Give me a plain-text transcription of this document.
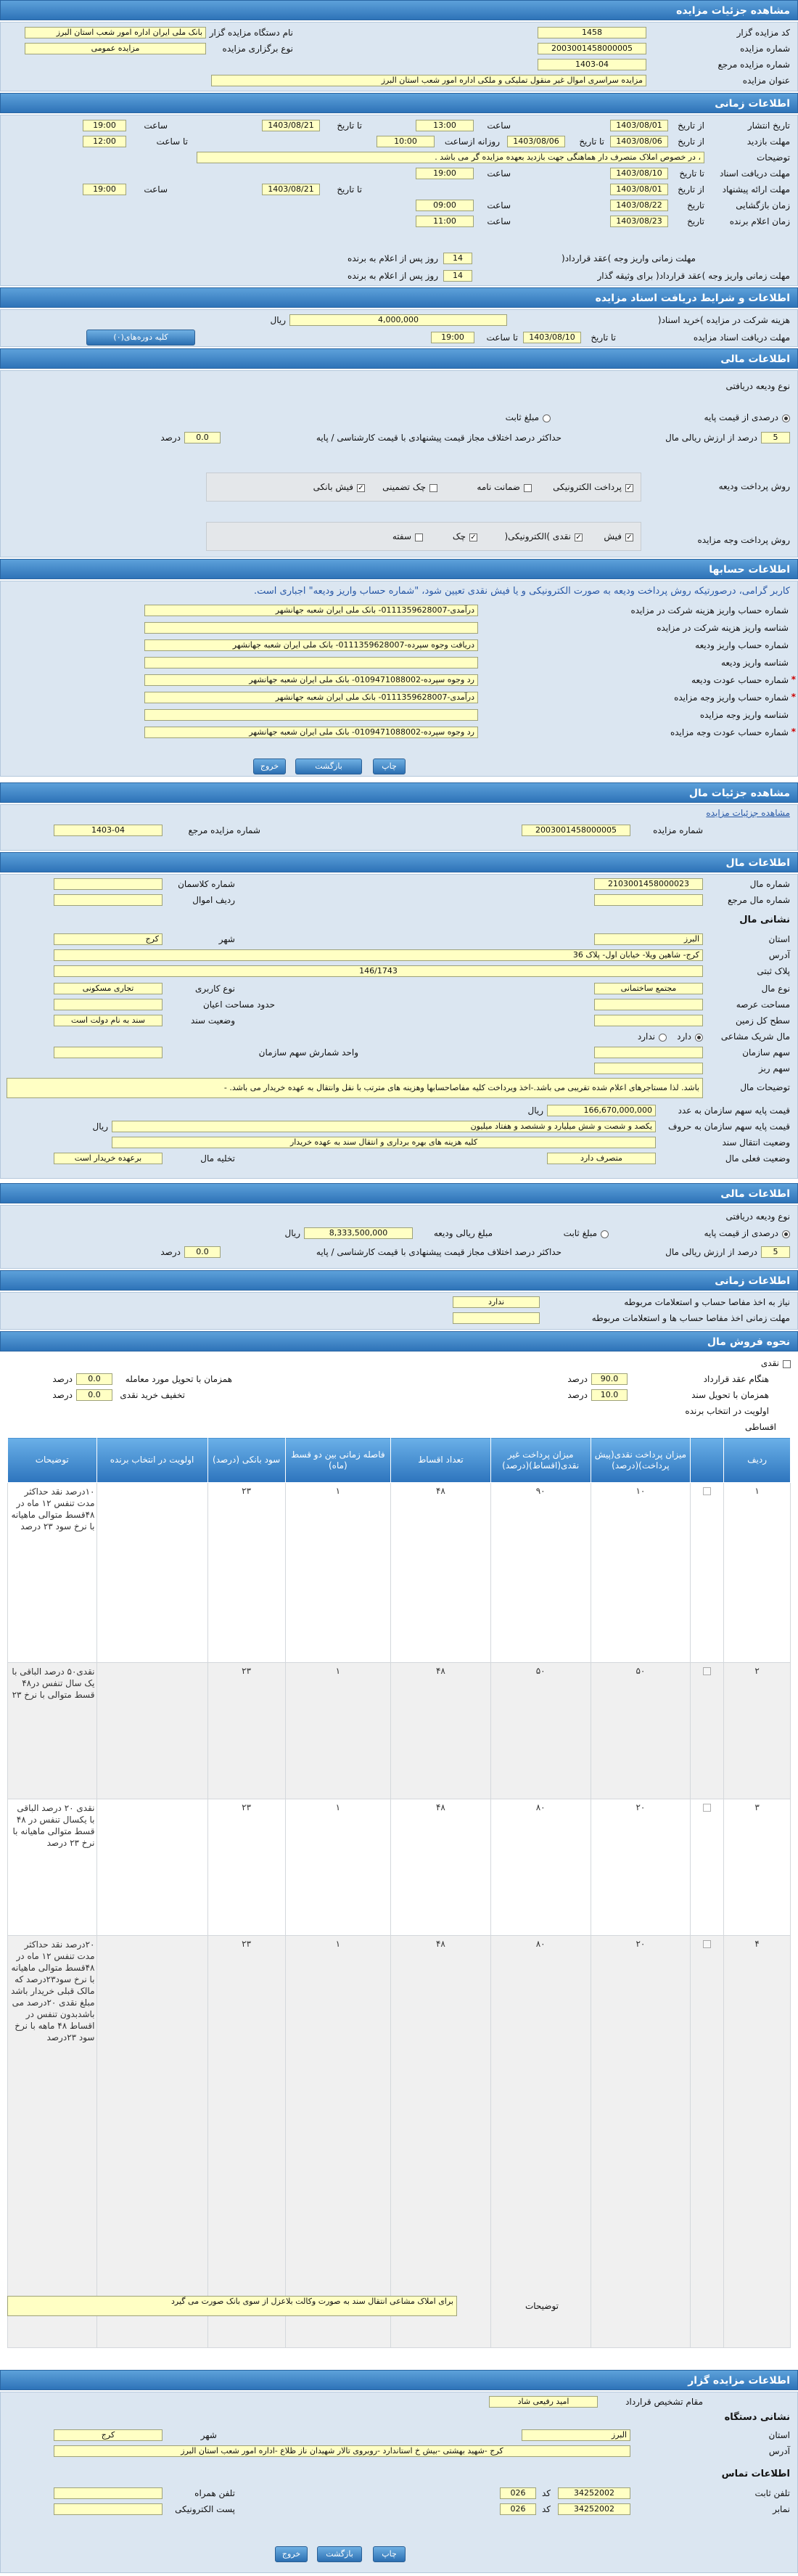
مشاهده جزئیات مزایده
کد مزایده گزار
1458
نام دستگاه مزایده گزار
بانک ملی ایران اداره امور شعب استان البرز
شماره مزایده
2003001458000005
نوع برگزاری مزایده
مزایده عمومی
شماره مزایده مرجع
1403-04
عنوان مزایده
مزایده سراسری اموال غیر منقول تملیکی و ملکی اداره امور شعب استان البرز
اطلاعات زمانی
تاریخ انتشار
از تاریخ
1403/08/01
ساعت
13:00
تا تاریخ
1403/08/21
ساعت
19:00
مهلت بازدید
از تاریخ
1403/08/06
تا تاریخ
1403/08/06
روزانه ازساعت
10:00
تا ساعت
12:00
توضیحات
، در خصوص املاک متصرف دار هماهنگی جهت بازدید بعهده مزایده گر می باشد .
مهلت دریافت اسناد
تا تاریخ
1403/08/10
ساعت
19:00
مهلت ارائه پیشنهاد
از تاریخ
1403/08/01
تا تاریخ
1403/08/21
ساعت
19:00
زمان بازگشایی
تاریخ
1403/08/22
ساعت
09:00
زمان اعلام برنده
تاریخ
1403/08/23
ساعت
11:00
مهلت زمانی واریز وجه )عقد قرارداد(
14
روز پس از اعلام به برنده
مهلت زمانی واریز وجه )عقد قرارداد( برای وثیقه گذار
14
روز پس از اعلام به برنده
اطلاعات و شرایط دریافت اسناد مزایده
هزینه شرکت در مزایده )خرید اسناد(
4,000,000
ریال
مهلت دریافت اسناد مزایده
تا تاریخ
1403/08/10
تا ساعت
19:00
کلیه دوره‌های(۰)
اطلاعات مالی
نوع ودیعه دریافتی
درصدی از قیمت پایه
مبلغ ثابت
5
درصد از ارزش ریالی مال
حداکثر درصد اختلاف مجاز قیمت پیشنهادی با قیمت کارشناسی / پایه
0.0
درصد
روش پرداخت ودیعه
✓
پرداخت الکترونیکی
ضمانت نامه
چک تضمینی
✓
فیش بانکی
روش پرداخت وجه مزایده
✓
فیش
✓
نقدی )الکترونیکی(
✓
چک
سفته
اطلاعات حسابها
کاربر گرامی، درصورتیکه روش پرداخت ودیعه به صورت الکترونیکی و یا فیش نقدی تعیین شود، "شماره حساب واریز ودیعه" اجباری است.
شماره حساب واریز هزینه شرکت در مزایده
درآمدی-0111359628007- بانک ملی ایران شعبه جهانشهر
شناسه واریز هزینه شرکت در مزایده
شماره حساب واریز ودیعه
دریافت وجوه سپرده-0111359628007- بانک ملی ایران شعبه جهانشهر
شناسه واریز ودیعه
*
شماره حساب عودت ودیعه
رد وجوه سپرده-0109471088002- بانک ملی ایران شعبه جهانشهر
*
شماره حساب واریز وجه مزایده
درآمدی-0111359628007- بانک ملی ایران شعبه جهانشهر
شناسه واریز وجه مزایده
*
شماره حساب عودت وجه مزایده
رد وجوه سپرده-0109471088002- بانک ملی ایران شعبه جهانشهر
چاپ
بازگشت
خروج
مشاهده جزئیات مال
مشاهده جزئیات مزایده
شماره مزایده
2003001458000005
شماره مزایده مرجع
1403-04
اطلاعات مال
شماره مال
2103001458000023
شماره کلاسمان
شماره مال مرجع
ردیف اموال
نشانی مال
استان
البرز
شهر
کرج
آدرس
کرج- شاهین ویلا- خیابان اول- پلاک 36
پلاک ثبتی
146/1743
نوع مال
مجتمع ساختمانی
نوع کاربری
تجاری مسکونی
مساحت عرصه
حدود مساحت اعیان
سطح کل زمین
وضعیت سند
سند به نام دولت است
مال شریک مشاعی
دارد
ندارد
سهم سازمان
واحد شمارش سهم سازمان
سهم ربز
توضیحات مال
باشد. لذا مستاجرهای اعلام شده تقریبی می باشد.-اخذ ویرداخت کلیه مفاصاحسابها وهزینه های مترتب با نقل وانتقال به عهده خریدار می باشد. -
قیمت پایه سهم سازمان به عدد
166,670,000,000
ریال
قیمت پایه سهم سازمان به حروف
یکصد و شصت و شش میلیارد و ششصد و هفتاد میلیون
ریال
وضعیت انتقال سند
کلیه هزینه های بهره برداری و انتقال سند به عهده خریدار
وضعیت فعلی مال
متصرف دارد
تخلیه مال
برعهده خریدار است
اطلاعات مالی
نوع ودیعه دریافتی
درصدی از قیمت پایه
مبلغ ثابت
مبلغ ریالی ودیعه
8,333,500,000
ریال
5
درصد از ارزش ریالی مال
حداکثر درصد اختلاف مجاز قیمت پیشنهادی با قیمت کارشناسی / پایه
0.0
درصد
اطلاعات زمانی
نیاز به اخذ مفاصا حساب و استعلامات مربوطه
ندارد
مهلت زمانی اخذ مفاصا حساب ها و استعلامات مربوطه
نحوه فروش مال
نقدی
هنگام عقد قرارداد
90.0
درصد
همزمان با تحویل سند
10.0
درصد
اولویت در انتخاب برنده
همزمان با تحویل مورد معامله
0.0
درصد
تخفیف خرید نقدی
0.0
درصد
اقساطی
ردیف		میزان پرداخت نقدی(پیش پرداخت)(درصد)	میزان پرداخت غیر نقدی(اقساط)(درصد)	تعداد اقساط	فاصله زمانی بین دو قسط (ماه)	سود بانکی (درصد)	اولویت در انتخاب برنده	توضیحات
۱		۱۰	۹۰	۴۸	۱	۲۳		۱۰درصد نقد حداکثر مدت تنفس ۱۲ ماه در ۴۸قسط متوالی ماهیانه با نرخ سود ۲۳ درصد
۲		۵۰	۵۰	۴۸	۱	۲۳		نقدی۵۰ درصد الباقی با یک سال تنفس در۴۸ قسط متوالی با نرخ ۲۳
۳		۲۰	۸۰	۴۸	۱	۲۳		نقدی ۲۰ درصد الباقی با یکسال تنفس در ۴۸ قسط متوالی ماهیانه با نرخ ۲۳ درصد
۴		۲۰	۸۰	۴۸	۱	۲۳		۲۰درصد نقد حداکثر مدت تنفس ۱۲ ماه در ۴۸قسط متوالی ماهیانه با نرخ سود۲۳درصد که مالک قبلی خریدار باشد مبلغ نقدی ۲۰درصد می باشدبدون تنفس در اقساط ۴۸ ماهه با نرخ سود ۲۳درصد
توضیحات
برای املاک مشاعی انتقال سند به صورت وکالت بلاعزل از سوی بانک صورت می گیرد
اطلاعات مزایده گزار
مقام تشخیص قرارداد
امید رفیعی شاد
نشانی دستگاه
استان
البرز
شهر
کرج
آدرس
کرج -شهید بهشتی -بیش خ استاندارد -روبروی تالار شهیدان ناز ظلاع -اداره امور شعب استان البرز
اطلاعات تماس
تلفن ثابت
34252002
کد
026
تلفن همراه
نمابر
34252002
کد
026
پست الکترونیکی
چاپ
بازگشت
خروج
